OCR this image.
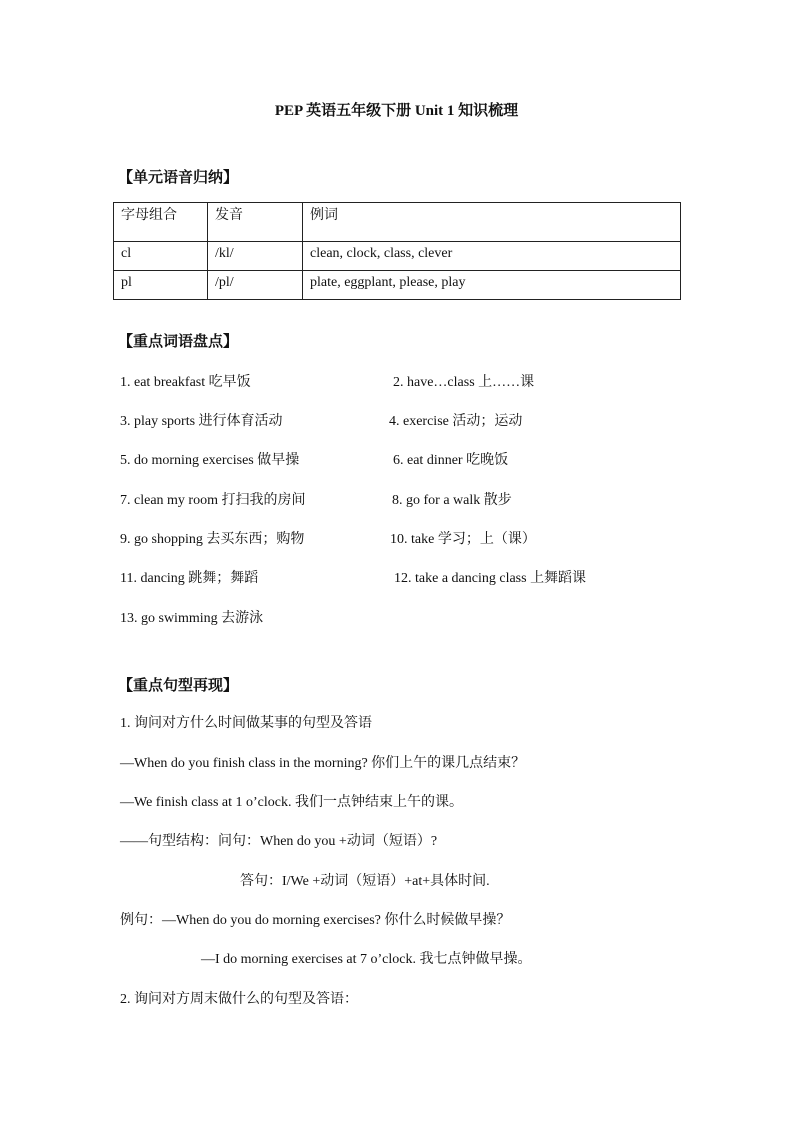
PEP 英语五年级下册 Unit 1 知识梳理
【单元语音归纳】
字母组合	发音	例词
cl	/kl/	clean, clock, class, clever
pl	/pl/	plate, eggplant, please, play
【重点词语盘点】
1. eat breakfast 吃早饭	2. have…class 上……课
3. play sports 进行体育活动	4. exercise 活动；运动
5. do morning exercises 做早操	6. eat dinner 吃晚饭
7. clean my room 打扫我的房间	8. go for a walk 散步
9. go shopping 去买东西；购物	10. take 学习；上（课）
11. dancing 跳舞；舞蹈	12. take a dancing class 上舞蹈课
13. go swimming 去游泳
【重点句型再现】
1. 询问对方什么时间做某事的句型及答语
—When do you finish class in the morning? 你们上午的课几点结束？
—We finish class at 1 o’clock. 我们一点钟结束上午的课。
——句型结构：问句：When do you +动词（短语）?
答句：I/We +动词（短语）+at+具体时间.
例句：—When do you do morning exercises? 你什么时候做早操？
—I do morning exercises at 7 o’clock. 我七点钟做早操。
2. 询问对方周末做什么的句型及答语：
